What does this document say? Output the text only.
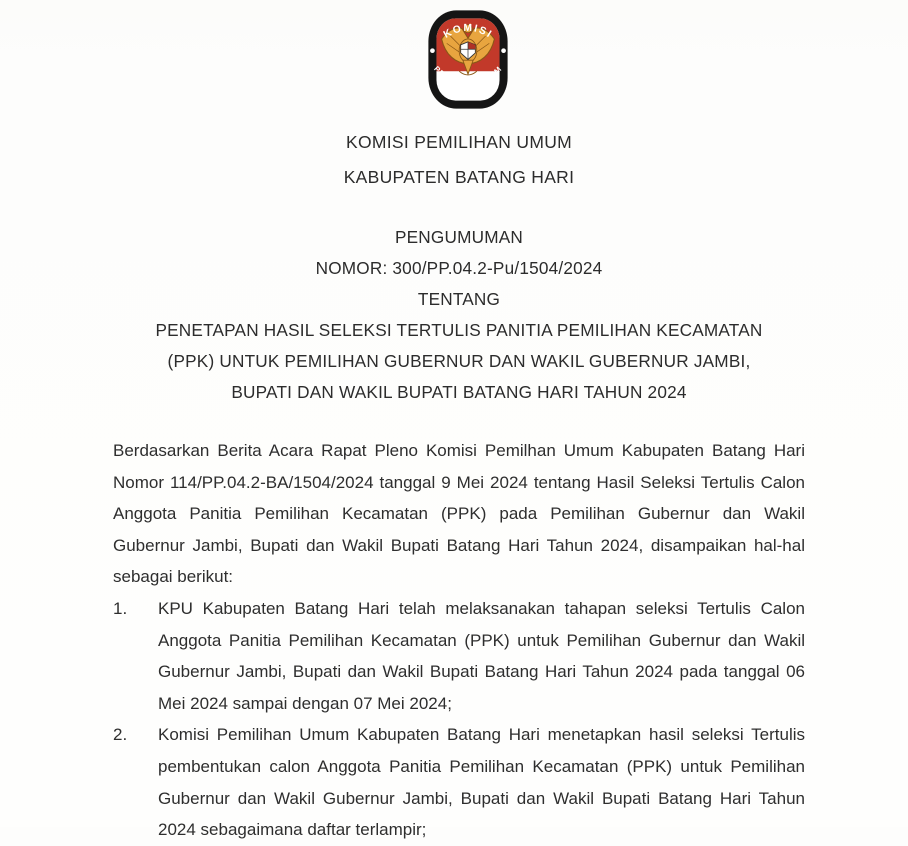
KOMISI
PEMILIHAN UMUM
KOMISI PEMILIHAN UMUM
KABUPATEN BATANG HARI
PENGUMUMAN
NOMOR: 300/PP.04.2-Pu/1504/2024
TENTANG
PENETAPAN HASIL SELEKSI TERTULIS PANITIA PEMILIHAN KECAMATAN
(PPK) UNTUK PEMILIHAN GUBERNUR DAN WAKIL GUBERNUR JAMBI,
BUPATI DAN WAKIL BUPATI BATANG HARI TAHUN 2024
Berdasarkan Berita Acara Rapat Pleno Komisi Pemilhan Umum Kabupaten Batang Hari Nomor 114/PP.04.2-BA/1504/2024 tanggal 9 Mei 2024 tentang Hasil Seleksi Tertulis Calon Anggota Panitia Pemilihan Kecamatan (PPK) pada Pemilihan Gubernur dan Wakil Gubernur Jambi, Bupati dan Wakil Bupati Batang Hari Tahun 2024, disampaikan hal-hal sebagai berikut:
1.	KPU Kabupaten Batang Hari telah melaksanakan tahapan seleksi Tertulis Calon Anggota Panitia Pemilihan Kecamatan (PPK) untuk Pemilihan Gubernur dan Wakil Gubernur Jambi, Bupati dan Wakil Bupati Batang Hari Tahun 2024 pada tanggal 06 Mei 2024 sampai dengan 07 Mei 2024;
2.	Komisi Pemilihan Umum Kabupaten Batang Hari menetapkan hasil seleksi Tertulis pembentukan calon Anggota Panitia Pemilihan Kecamatan (PPK) untuk Pemilihan Gubernur dan Wakil Gubernur Jambi, Bupati dan Wakil Bupati Batang Hari Tahun 2024 sebagaimana daftar terlampir;
